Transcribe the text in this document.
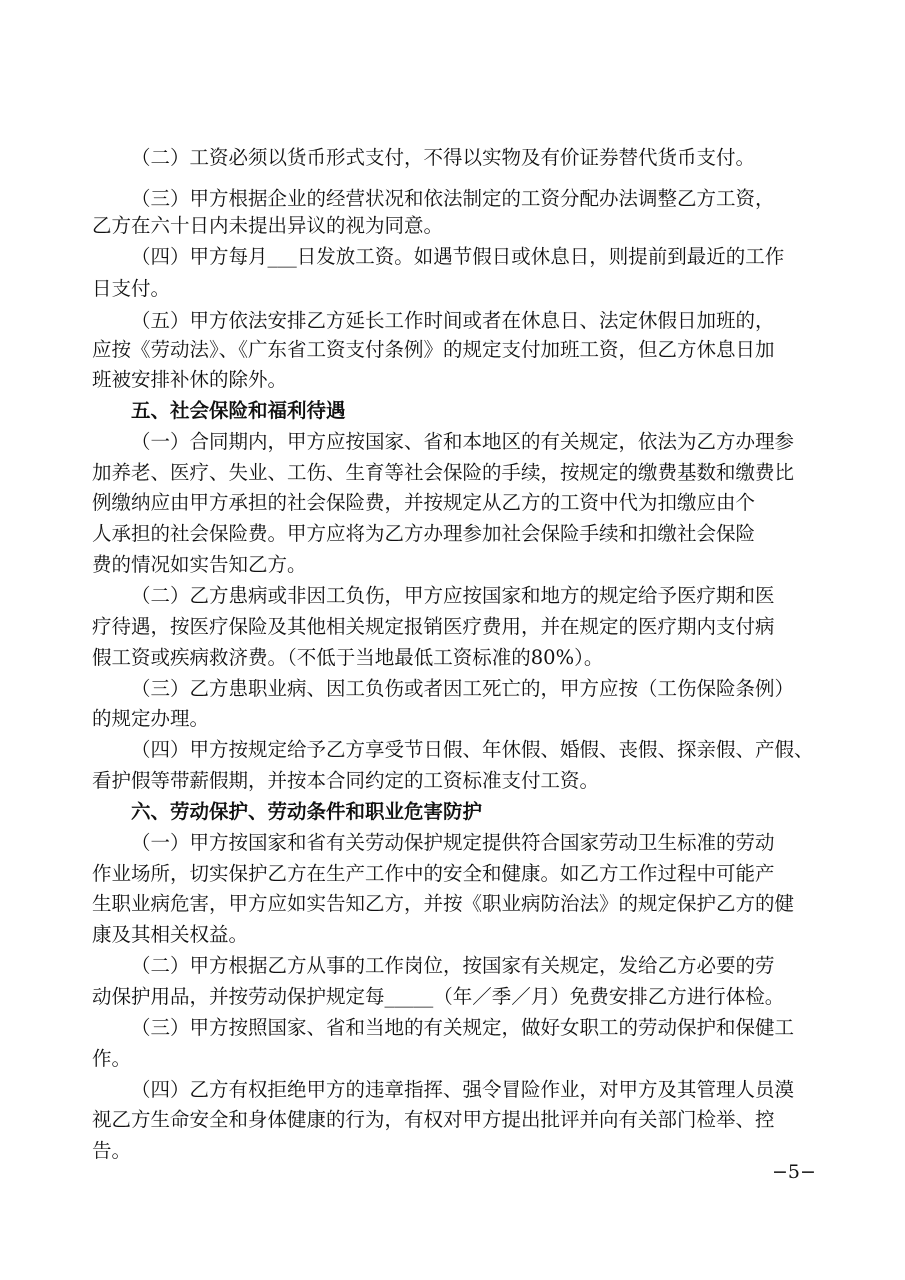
（二）工资必须以货币形式支付，不得以实物及有价证券替代货币支付。
（三）甲方根据企业的经营状况和依法制定的工资分配办法调整乙方工资，
乙方在六十日内未提出异议的视为同意。
（四）甲方每月___日发放工资。如遇节假日或休息日，则提前到最近的工作
日支付。
（五）甲方依法安排乙方延长工作时间或者在休息日、法定休假日加班的，
应按《劳动法》、《广东省工资支付条例》的规定支付加班工资，但乙方休息日加
班被安排补休的除外。
五、社会保险和福利待遇
（一）合同期内，甲方应按国家、省和本地区的有关规定，依法为乙方办理参
加养老、医疗、失业、工伤、生育等社会保险的手续，按规定的缴费基数和缴费比
例缴纳应由甲方承担的社会保险费，并按规定从乙方的工资中代为扣缴应由个
人承担的社会保险费。甲方应将为乙方办理参加社会保险手续和扣缴社会保险
费的情况如实告知乙方。
（二）乙方患病或非因工负伤，甲方应按国家和地方的规定给予医疗期和医
疗待遇，按医疗保险及其他相关规定报销医疗费用，并在规定的医疗期内支付病
假工资或疾病救济费。（不低于当地最低工资标准的80%）。
（三）乙方患职业病、因工负伤或者因工死亡的，甲方应按（工伤保险条例）
的规定办理。
（四）甲方按规定给予乙方享受节日假、年休假、婚假、丧假、探亲假、产假、
看护假等带薪假期，并按本合同约定的工资标准支付工资。
六、劳动保护、劳动条件和职业危害防护
（一）甲方按国家和省有关劳动保护规定提供符合国家劳动卫生标准的劳动
作业场所，切实保护乙方在生产工作中的安全和健康。如乙方工作过程中可能产
生职业病危害，甲方应如实告知乙方，并按《职业病防治法》的规定保护乙方的健
康及其相关权益。
（二）甲方根据乙方从事的工作岗位，按国家有关规定，发给乙方必要的劳
动保护用品，并按劳动保护规定每_____（年／季／月）免费安排乙方进行体检。
（三）甲方按照国家、省和当地的有关规定，做好女职工的劳动保护和保健工
作。
（四）乙方有权拒绝甲方的违章指挥、强令冒险作业，对甲方及其管理人员漠
视乙方生命安全和身体健康的行为，有权对甲方提出批评并向有关部门检举、控
告。
−5−
